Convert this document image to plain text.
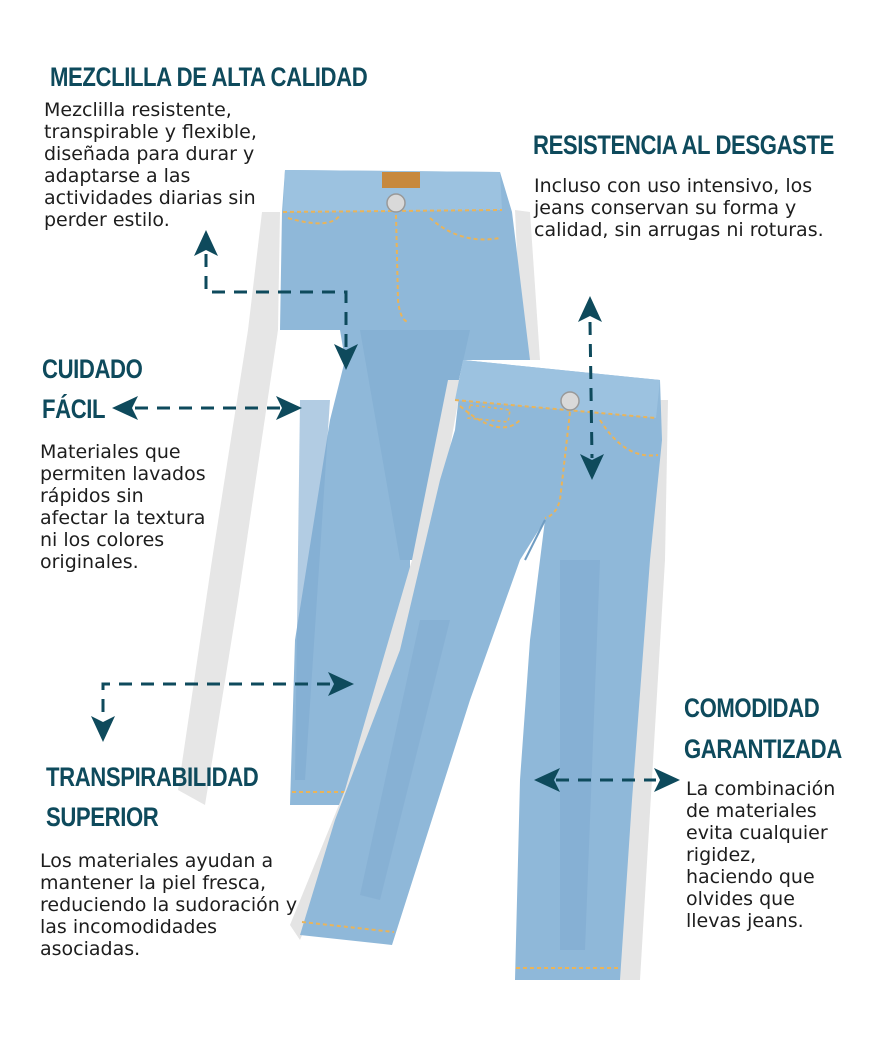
MEZCLILLA DE ALTA CALIDAD

Mezclilla resistente, transpirable y flexible, diseñada para durar y adaptarse a las actividades diarias sin perder estilo.

RESISTENCIA AL DESGASTE

Incluso con uso intensivo, los jeans conservan su forma y calidad, sin arrugas ni roturas.

CUIDADO
FÁCIL

Materiales que permiten lavados rápidos sin afectar la textura ni los colores originales.

TRANSPIRABILIDAD
SUPERIOR

Los materiales ayudan a mantener la piel fresca, reduciendo la sudoración y las incomodidades asociadas.

COMODIDAD
GARANTIZADA

La combinación de materiales evita cualquier rigidez, haciendo que olvides que llevas jeans.
